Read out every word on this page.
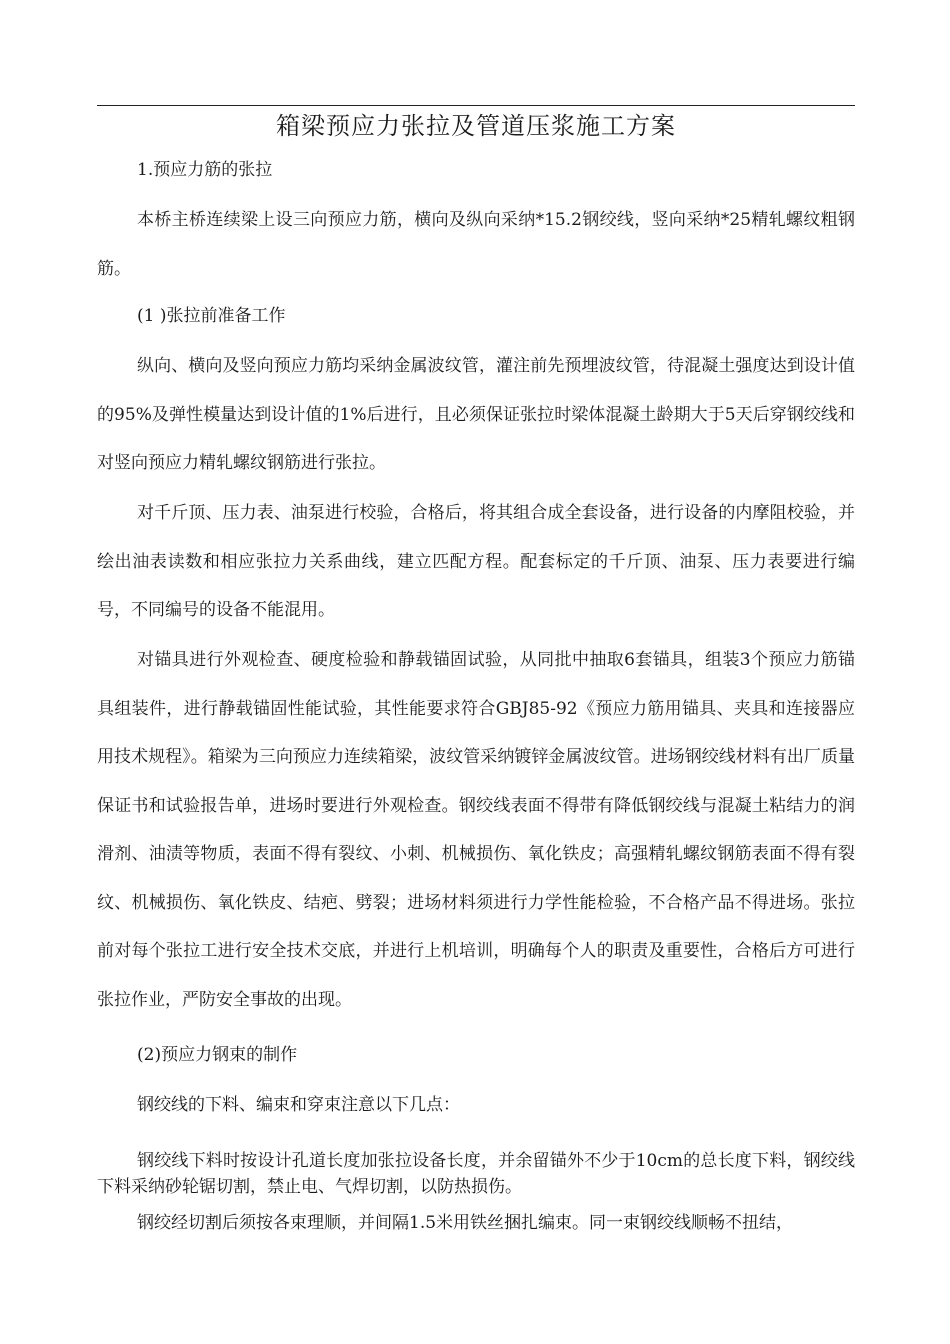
箱梁预应力张拉及管道压浆施工方案

1.预应力筋的张拉

本桥主桥连续梁上设三向预应力筋，横向及纵向采纳*15.2钢绞线，竖向采纳*25精轧螺纹粗钢筋。

(1 )张拉前准备工作

纵向、横向及竖向预应力筋均采纳金属波纹管，灌注前先预埋波纹管，待混凝土强度达到设计值的95%及弹性模量达到设计值的1%后进行，且必须保证张拉时梁体混凝土龄期大于5天后穿钢绞线和对竖向预应力精轧螺纹钢筋进行张拉。

对千斤顶、压力表、油泵进行校验，合格后，将其组合成全套设备，进行设备的内摩阻校验，并绘出油表读数和相应张拉力关系曲线，建立匹配方程。配套标定的千斤顶、油泵、压力表要进行编号，不同编号的设备不能混用。

对锚具进行外观检查、硬度检验和静载锚固试验，从同批中抽取6套锚具，组装3个预应力筋锚具组装件，进行静载锚固性能试验，其性能要求符合GBJ85-92《预应力筋用锚具、夹具和连接器应用技术规程》。箱梁为三向预应力连续箱梁，波纹管采纳镀锌金属波纹管。进场钢绞线材料有出厂质量保证书和试验报告单，进场时要进行外观检查。钢绞线表面不得带有降低钢绞线与混凝土粘结力的润滑剂、油渍等物质，表面不得有裂纹、小刺、机械损伤、氧化铁皮；高强精轧螺纹钢筋表面不得有裂纹、机械损伤、氧化铁皮、结疤、劈裂；进场材料须进行力学性能检验，不合格产品不得进场。张拉前对每个张拉工进行安全技术交底，并进行上机培训，明确每个人的职责及重要性，合格后方可进行张拉作业，严防安全事故的出现。

(2)预应力钢束的制作

钢绞线的下料、编束和穿束注意以下几点：

钢绞线下料时按设计孔道长度加张拉设备长度，并余留锚外不少于10cm的总长度下料，钢绞线下料采纳砂轮锯切割，禁止电、气焊切割，以防热损伤。

钢绞经切割后须按各束理顺，并间隔1.5米用铁丝捆扎编束。同一束钢绞线顺畅不扭结，
